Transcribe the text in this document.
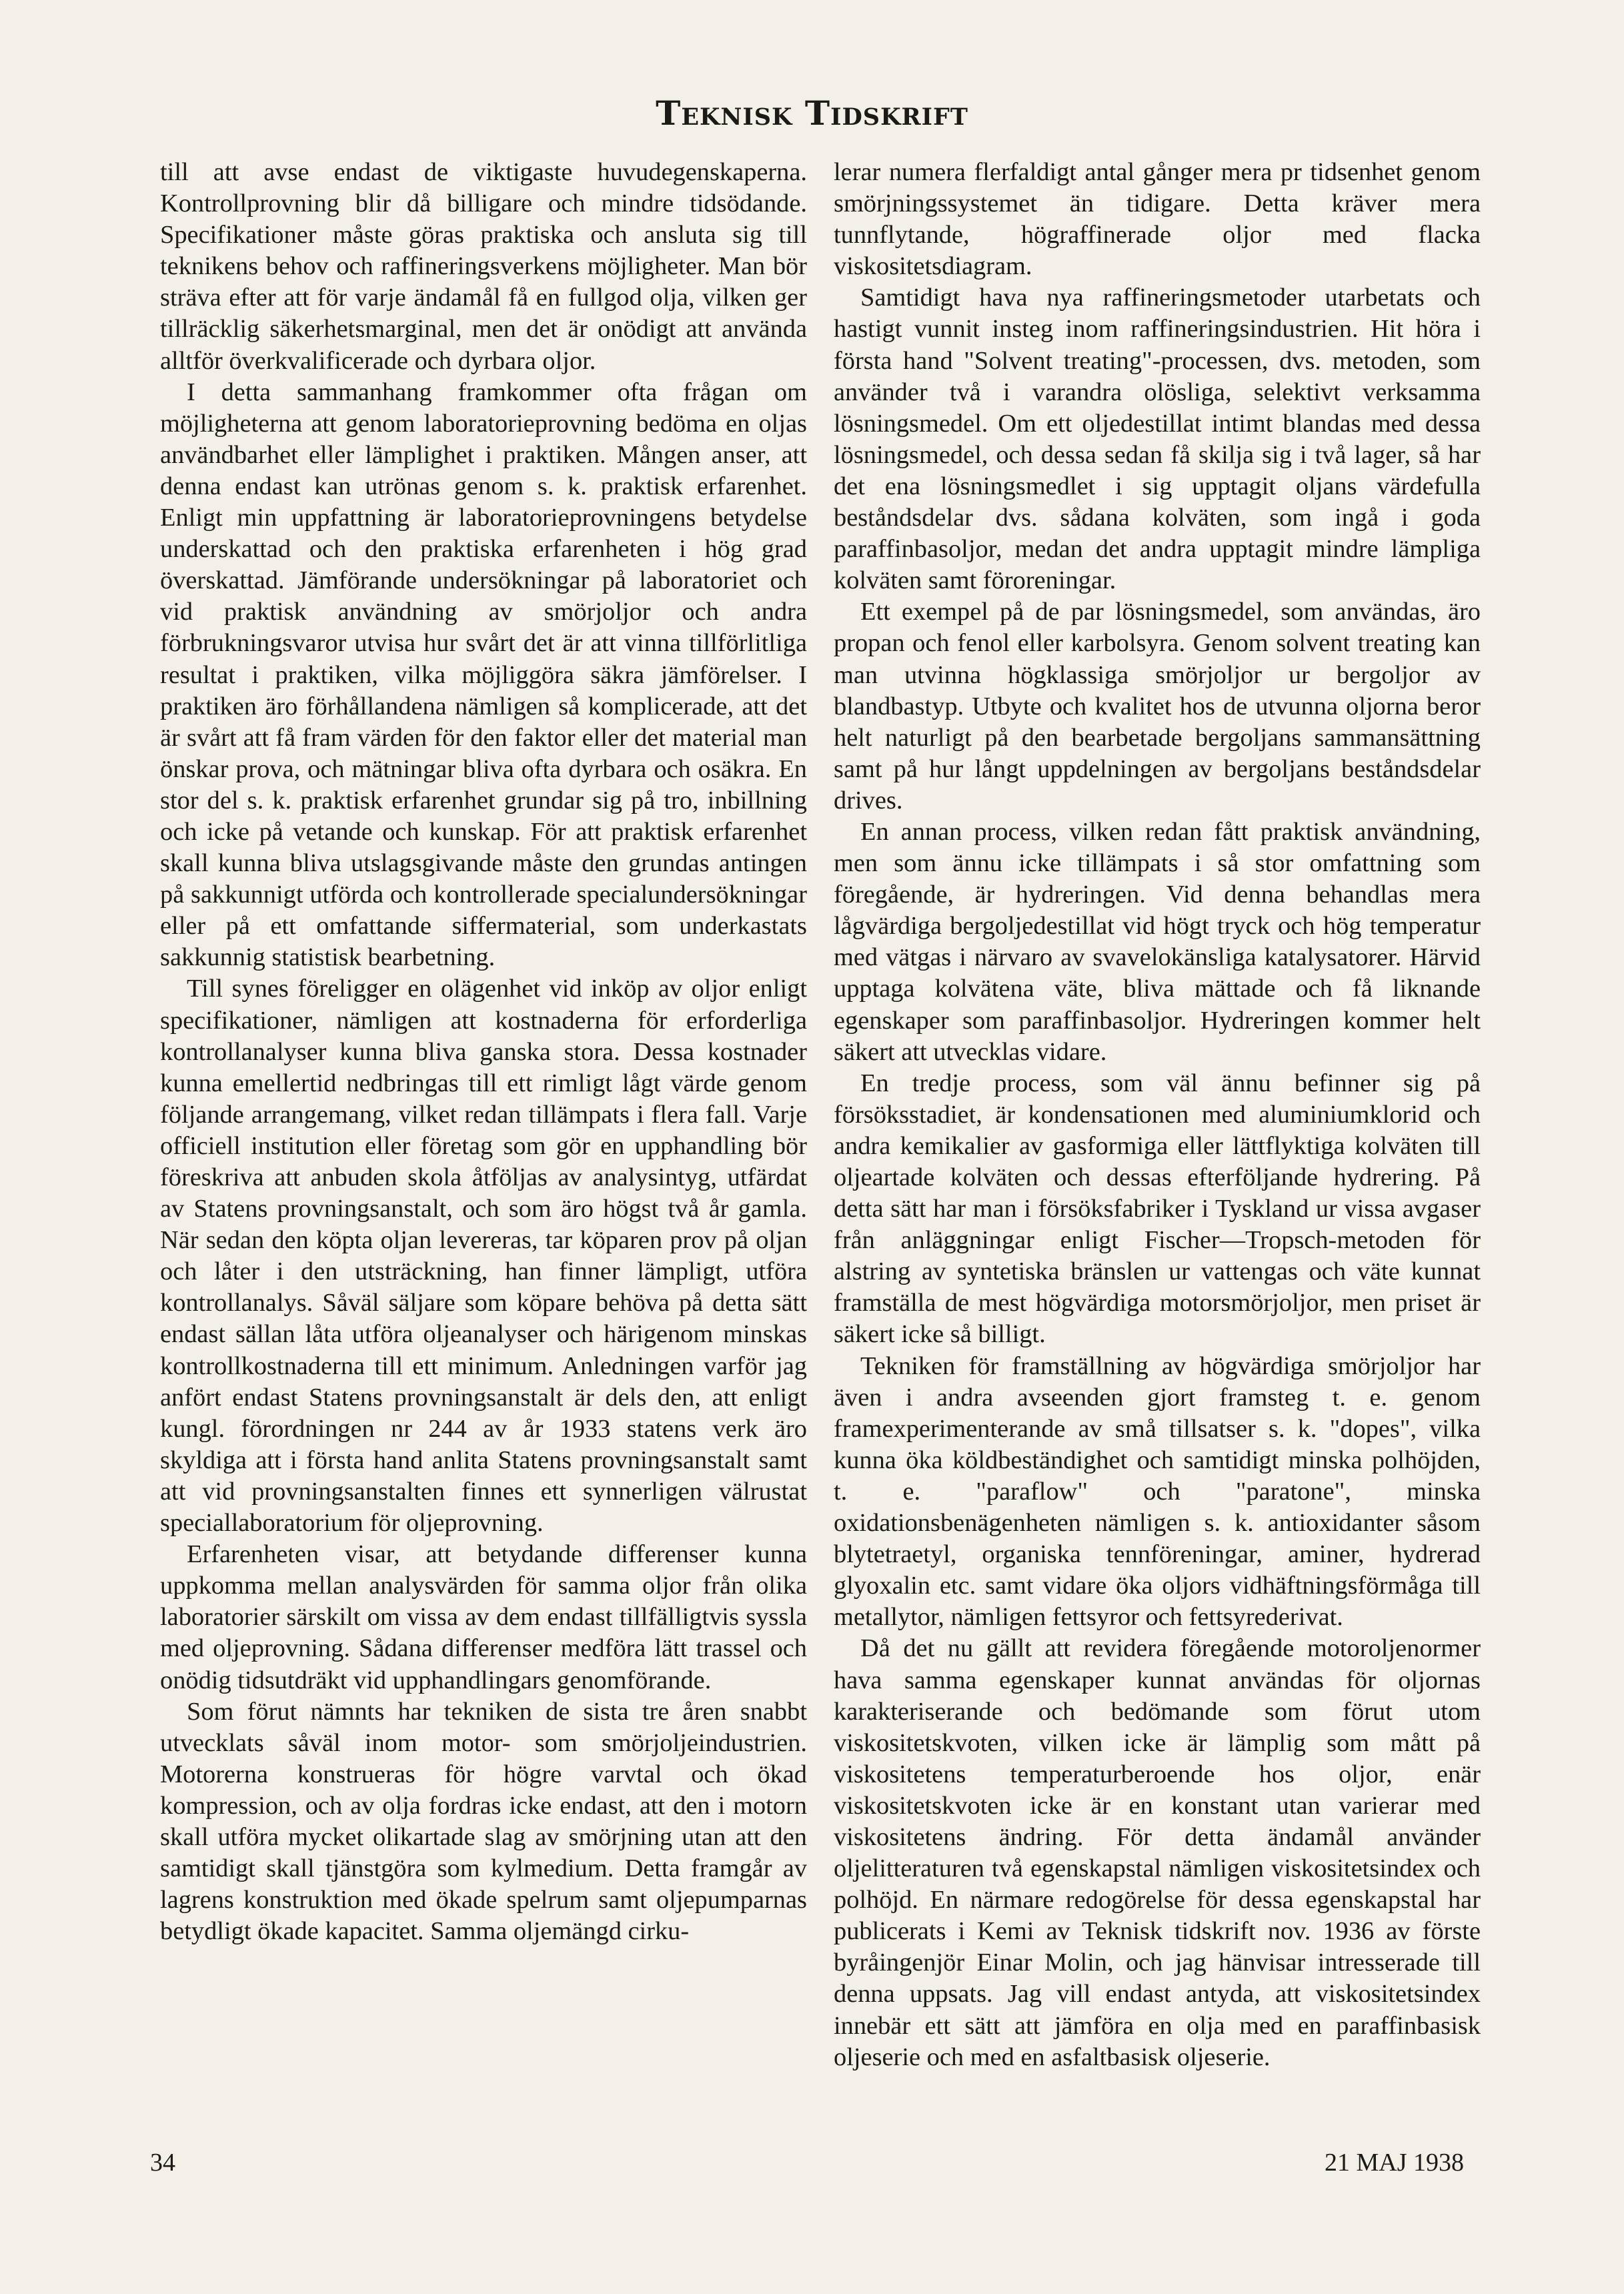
Teknisk Tidskrift

till att avse endast de viktigaste huvudegenskaperna. Kontrollprovning blir då billigare och mindre tidsödande. Specifikationer måste göras praktiska och ansluta sig till teknikens behov och raffineringsverkens möjligheter. Man bör sträva efter att för varje ändamål få en fullgod olja, vilken ger tillräcklig säkerhetsmarginal, men det är onödigt att använda alltför överkvalificerade och dyrbara oljor.

I detta sammanhang framkommer ofta frågan om möjligheterna att genom laboratorieprovning bedöma en oljas användbarhet eller lämplighet i praktiken. Mången anser, att denna endast kan utrönas genom s. k. praktisk erfarenhet. Enligt min uppfattning är laboratorieprovningens betydelse underskattad och den praktiska erfarenheten i hög grad överskattad. Jämförande undersökningar på laboratoriet och vid praktisk användning av smörjoljor och andra förbrukningsvaror utvisa hur svårt det är att vinna tillförlitliga resultat i praktiken, vilka möjliggöra säkra jämförelser. I praktiken äro förhållandena nämligen så komplicerade, att det är svårt att få fram värden för den faktor eller det material man önskar prova, och mätningar bliva ofta dyrbara och osäkra. En stor del s. k. praktisk erfarenhet grundar sig på tro, inbillning och icke på vetande och kunskap. För att praktisk erfarenhet skall kunna bliva utslagsgivande måste den grundas antingen på sakkunnigt utförda och kontrollerade specialundersökningar eller på ett omfattande siffermaterial, som underkastats sakkunnig statistisk bearbetning.

Till synes föreligger en olägenhet vid inköp av oljor enligt specifikationer, nämligen att kostnaderna för erforderliga kontrollanalyser kunna bliva ganska stora. Dessa kostnader kunna emellertid nedbringas till ett rimligt lågt värde genom följande arrangemang, vilket redan tillämpats i flera fall. Varje officiell institution eller företag som gör en upphandling bör föreskriva att anbuden skola åtföljas av analysintyg, utfärdat av Statens provningsanstalt, och som äro högst två år gamla. När sedan den köpta oljan levereras, tar köparen prov på oljan och låter i den utsträckning, han finner lämpligt, utföra kontrollanalys. Såväl säljare som köpare behöva på detta sätt endast sällan låta utföra oljeanalyser och härigenom minskas kontrollkostnaderna till ett minimum. Anledningen varför jag anfört endast Statens provningsanstalt är dels den, att enligt kungl. förordningen nr 244 av år 1933 statens verk äro skyldiga att i första hand anlita Statens provningsanstalt samt att vid provningsanstalten finnes ett synnerligen välrustat speciallaboratorium för oljeprovning.

Erfarenheten visar, att betydande differenser kunna uppkomma mellan analysvärden för samma oljor från olika laboratorier särskilt om vissa av dem endast tillfälligtvis syssla med oljeprovning. Sådana differenser medföra lätt trassel och onödig tidsutdräkt vid upphandlingars genomförande.

Som förut nämnts har tekniken de sista tre åren snabbt utvecklats såväl inom motor- som smörjoljeindustrien. Motorerna konstrueras för högre varvtal och ökad kompression, och av olja fordras icke endast, att den i motorn skall utföra mycket olikartade slag av smörjning utan att den samtidigt skall tjänstgöra som kylmedium. Detta framgår av lagrens konstruktion med ökade spelrum samt oljepumparnas betydligt ökade kapacitet. Samma oljemängd cirku-

lerar numera flerfaldigt antal gånger mera pr tidsenhet genom smörjningssystemet än tidigare. Detta kräver mera tunnflytande, högraffinerade oljor med flacka viskositetsdiagram.

Samtidigt hava nya raffineringsmetoder utarbetats och hastigt vunnit insteg inom raffineringsindustrien. Hit höra i första hand "Solvent treating"-processen, dvs. metoden, som använder två i varandra olösliga, selektivt verksamma lösningsmedel. Om ett oljedestillat intimt blandas med dessa lösningsmedel, och dessa sedan få skilja sig i två lager, så har det ena lösningsmedlet i sig upptagit oljans värdefulla beståndsdelar dvs. sådana kolväten, som ingå i goda paraffinbasoljor, medan det andra upptagit mindre lämpliga kolväten samt föroreningar.

Ett exempel på de par lösningsmedel, som användas, äro propan och fenol eller karbolsyra. Genom solvent treating kan man utvinna högklassiga smörjoljor ur bergoljor av blandbastyp. Utbyte och kvalitet hos de utvunna oljorna beror helt naturligt på den bearbetade bergoljans sammansättning samt på hur långt uppdelningen av bergoljans beståndsdelar drives.

En annan process, vilken redan fått praktisk användning, men som ännu icke tillämpats i så stor omfattning som föregående, är hydreringen. Vid denna behandlas mera lågvärdiga bergoljedestillat vid högt tryck och hög temperatur med vätgas i närvaro av svavelokänsliga katalysatorer. Härvid upptaga kolvätena väte, bliva mättade och få liknande egenskaper som paraffinbasoljor. Hydreringen kommer helt säkert att utvecklas vidare.

En tredje process, som väl ännu befinner sig på försöksstadiet, är kondensationen med aluminiumklorid och andra kemikalier av gasformiga eller lättflyktiga kolväten till oljeartade kolväten och dessas efterföljande hydrering. På detta sätt har man i försöksfabriker i Tyskland ur vissa avgaser från anläggningar enligt Fischer—Tropsch-metoden för alstring av syntetiska bränslen ur vattengas och väte kunnat framställa de mest högvärdiga motorsmörjoljor, men priset är säkert icke så billigt.

Tekniken för framställning av högvärdiga smörjoljor har även i andra avseenden gjort framsteg t. e. genom framexperimenterande av små tillsatser s. k. "dopes", vilka kunna öka köldbeständighet och samtidigt minska polhöjden, t. e. "paraflow" och "paratone", minska oxidationsbenägenheten nämligen s. k. antioxidanter såsom blytetraetyl, organiska tennföreningar, aminer, hydrerad glyoxalin etc. samt vidare öka oljors vidhäftningsförmåga till metallytor, nämligen fettsyror och fettsyrederivat.

Då det nu gällt att revidera föregående motoroljenormer hava samma egenskaper kunnat användas för oljornas karakteriserande och bedömande som förut utom viskositetskvoten, vilken icke är lämplig som mått på viskositetens temperaturberoende hos oljor, enär viskositetskvoten icke är en konstant utan varierar med viskositetens ändring. För detta ändamål använder oljelitteraturen två egenskapstal nämligen viskositetsindex och polhöjd. En närmare redogörelse för dessa egenskapstal har publicerats i Kemi av Teknisk tidskrift nov. 1936 av förste byråingenjör Einar Molin, och jag hänvisar intresserade till denna uppsats. Jag vill endast antyda, att viskositetsindex innebär ett sätt att jämföra en olja med en paraffinbasisk oljeserie och med en asfaltbasisk oljeserie.

34	21 MAJ 1938
